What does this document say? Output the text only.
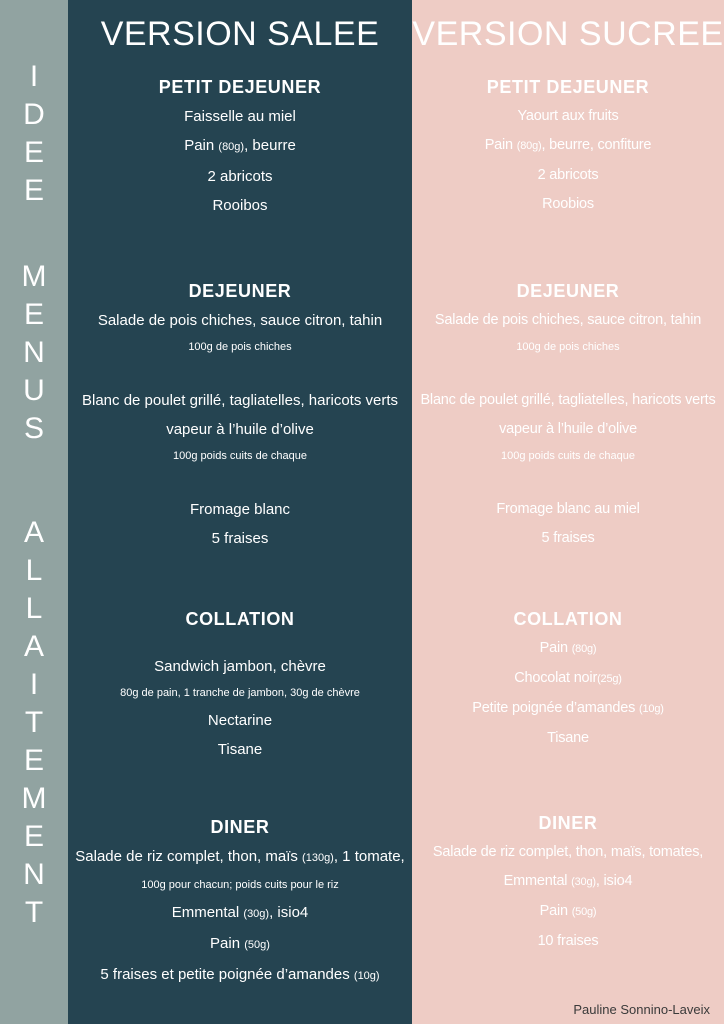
I
D
E
E
M
E
N
U
S
A
L
L
A
I
T
E
M
E
N
T
VERSION SALEE
PETIT DEJEUNER
Faisselle au miel
Pain (80g), beurre
2 abricots
Rooibos
DEJEUNER
Salade de pois chiches, sauce citron, tahin
100g de pois chiches
Blanc de poulet grillé, tagliatelles, haricots verts vapeur à l’huile d’olive
100g poids cuits de chaque
Fromage blanc
5 fraises
COLLATION
Sandwich jambon, chèvre
80g de pain, 1 tranche de jambon, 30g de chèvre
Nectarine
Tisane
DINER
Salade de riz complet, thon, maïs (130g), 1 tomate,
100g pour chacun; poids cuits pour le riz
Emmental (30g), isio4
Pain (50g)
5 fraises et petite poignée d’amandes (10g)
VERSION SUCREE
PETIT DEJEUNER
Yaourt aux fruits
Pain (80g), beurre, confiture
2 abricots
Roobios
DEJEUNER
Salade de pois chiches, sauce citron, tahin
100g de pois chiches
Blanc de poulet grillé, tagliatelles, haricots verts vapeur à l’huile d’olive
100g poids cuits de chaque
Fromage blanc au miel
5 fraises
COLLATION
Pain (80g)
Chocolat noir(25g)
Petite poignée d’amandes (10g)
Tisane
DINER
Salade de riz complet, thon, maïs, tomates,
Emmental (30g), isio4
Pain (50g)
10 fraises
Pauline Sonnino-Laveix
